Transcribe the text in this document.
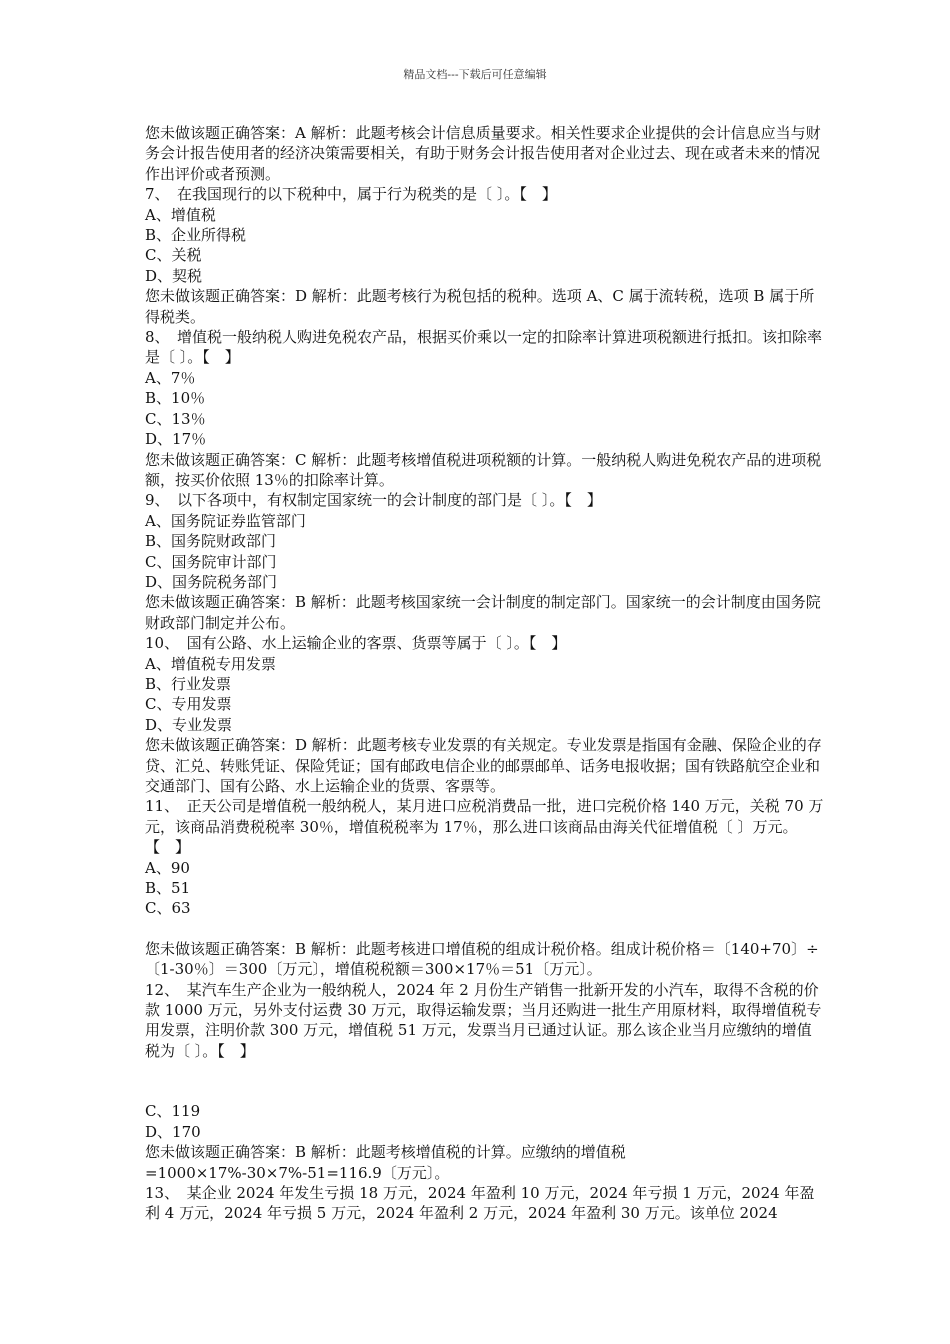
精品文档---下载后可任意编辑

您未做该题正确答案：A 解析：此题考核会计信息质量要求。相关性要求企业提供的会计信息应当与财务会计报告使用者的经济决策需要相关，有助于财务会计报告使用者对企业过去、现在或者未来的情况作出评价或者预测。

7、　在我国现行的以下税种中，属于行为税类的是〔 〕。【　】

A、增值税

B、企业所得税

C、关税

D、契税

您未做该题正确答案：D 解析：此题考核行为税包括的税种。选项 A、C 属于流转税，选项 B 属于所得税类。

8、　增值税一般纳税人购进免税农产品，根据买价乘以一定的扣除率计算进项税额进行抵扣。该扣除率是〔 〕。【　】

A、7％

B、10％

C、13％

D、17％

您未做该题正确答案：C 解析：此题考核增值税进项税额的计算。一般纳税人购进免税农产品的进项税额，按买价依照 13％的扣除率计算。

9、　以下各项中，有权制定国家统一的会计制度的部门是〔 〕。【　】

A、国务院证券监管部门

B、国务院财政部门

C、国务院审计部门

D、国务院税务部门

您未做该题正确答案：B 解析：此题考核国家统一会计制度的制定部门。国家统一的会计制度由国务院财政部门制定并公布。

10、　国有公路、水上运输企业的客票、货票等属于〔 〕。【　】

A、增值税专用发票

B、行业发票

C、专用发票

D、专业发票

您未做该题正确答案：D 解析：此题考核专业发票的有关规定。专业发票是指国有金融、保险企业的存贷、汇兑、转账凭证、保险凭证；国有邮政电信企业的邮票邮单、话务电报收据；国有铁路航空企业和交通部门、国有公路、水上运输企业的货票、客票等。

11、　正天公司是增值税一般纳税人，某月进口应税消费品一批，进口完税价格 140 万元，关税 70 万元，该商品消费税税率 30％，增值税税率为 17％，那么进口该商品由海关代征增值税〔 〕万元。【　】

A、90

B、51

C、63

您未做该题正确答案：B 解析：此题考核进口增值税的组成计税价格。组成计税价格＝〔140+70〕÷〔1-30％〕＝300〔万元〕，增值税税额＝300×17％＝51〔万元〕。

12、　某汽车生产企业为一般纳税人，2024 年 2 月份生产销售一批新开发的小汽车，取得不含税的价款 1000 万元，另外支付运费 30 万元，取得运输发票；当月还购进一批生产用原材料，取得增值税专用发票，注明价款 300 万元，增值税 51 万元，发票当月已通过认证。那么该企业当月应缴纳的增值税为〔 〕。【　】

C、119

D、170

您未做该题正确答案：B 解析：此题考核增值税的计算。应缴纳的增值税=1000×17%-30×7%-51=116.9〔万元〕。

13、　某企业 2024 年发生亏损 18 万元，2024 年盈利 10 万元，2024 年亏损 1 万元，2024 年盈利 4 万元，2024 年亏损 5 万元，2024 年盈利 2 万元，2024 年盈利 30 万元。该单位 2024
